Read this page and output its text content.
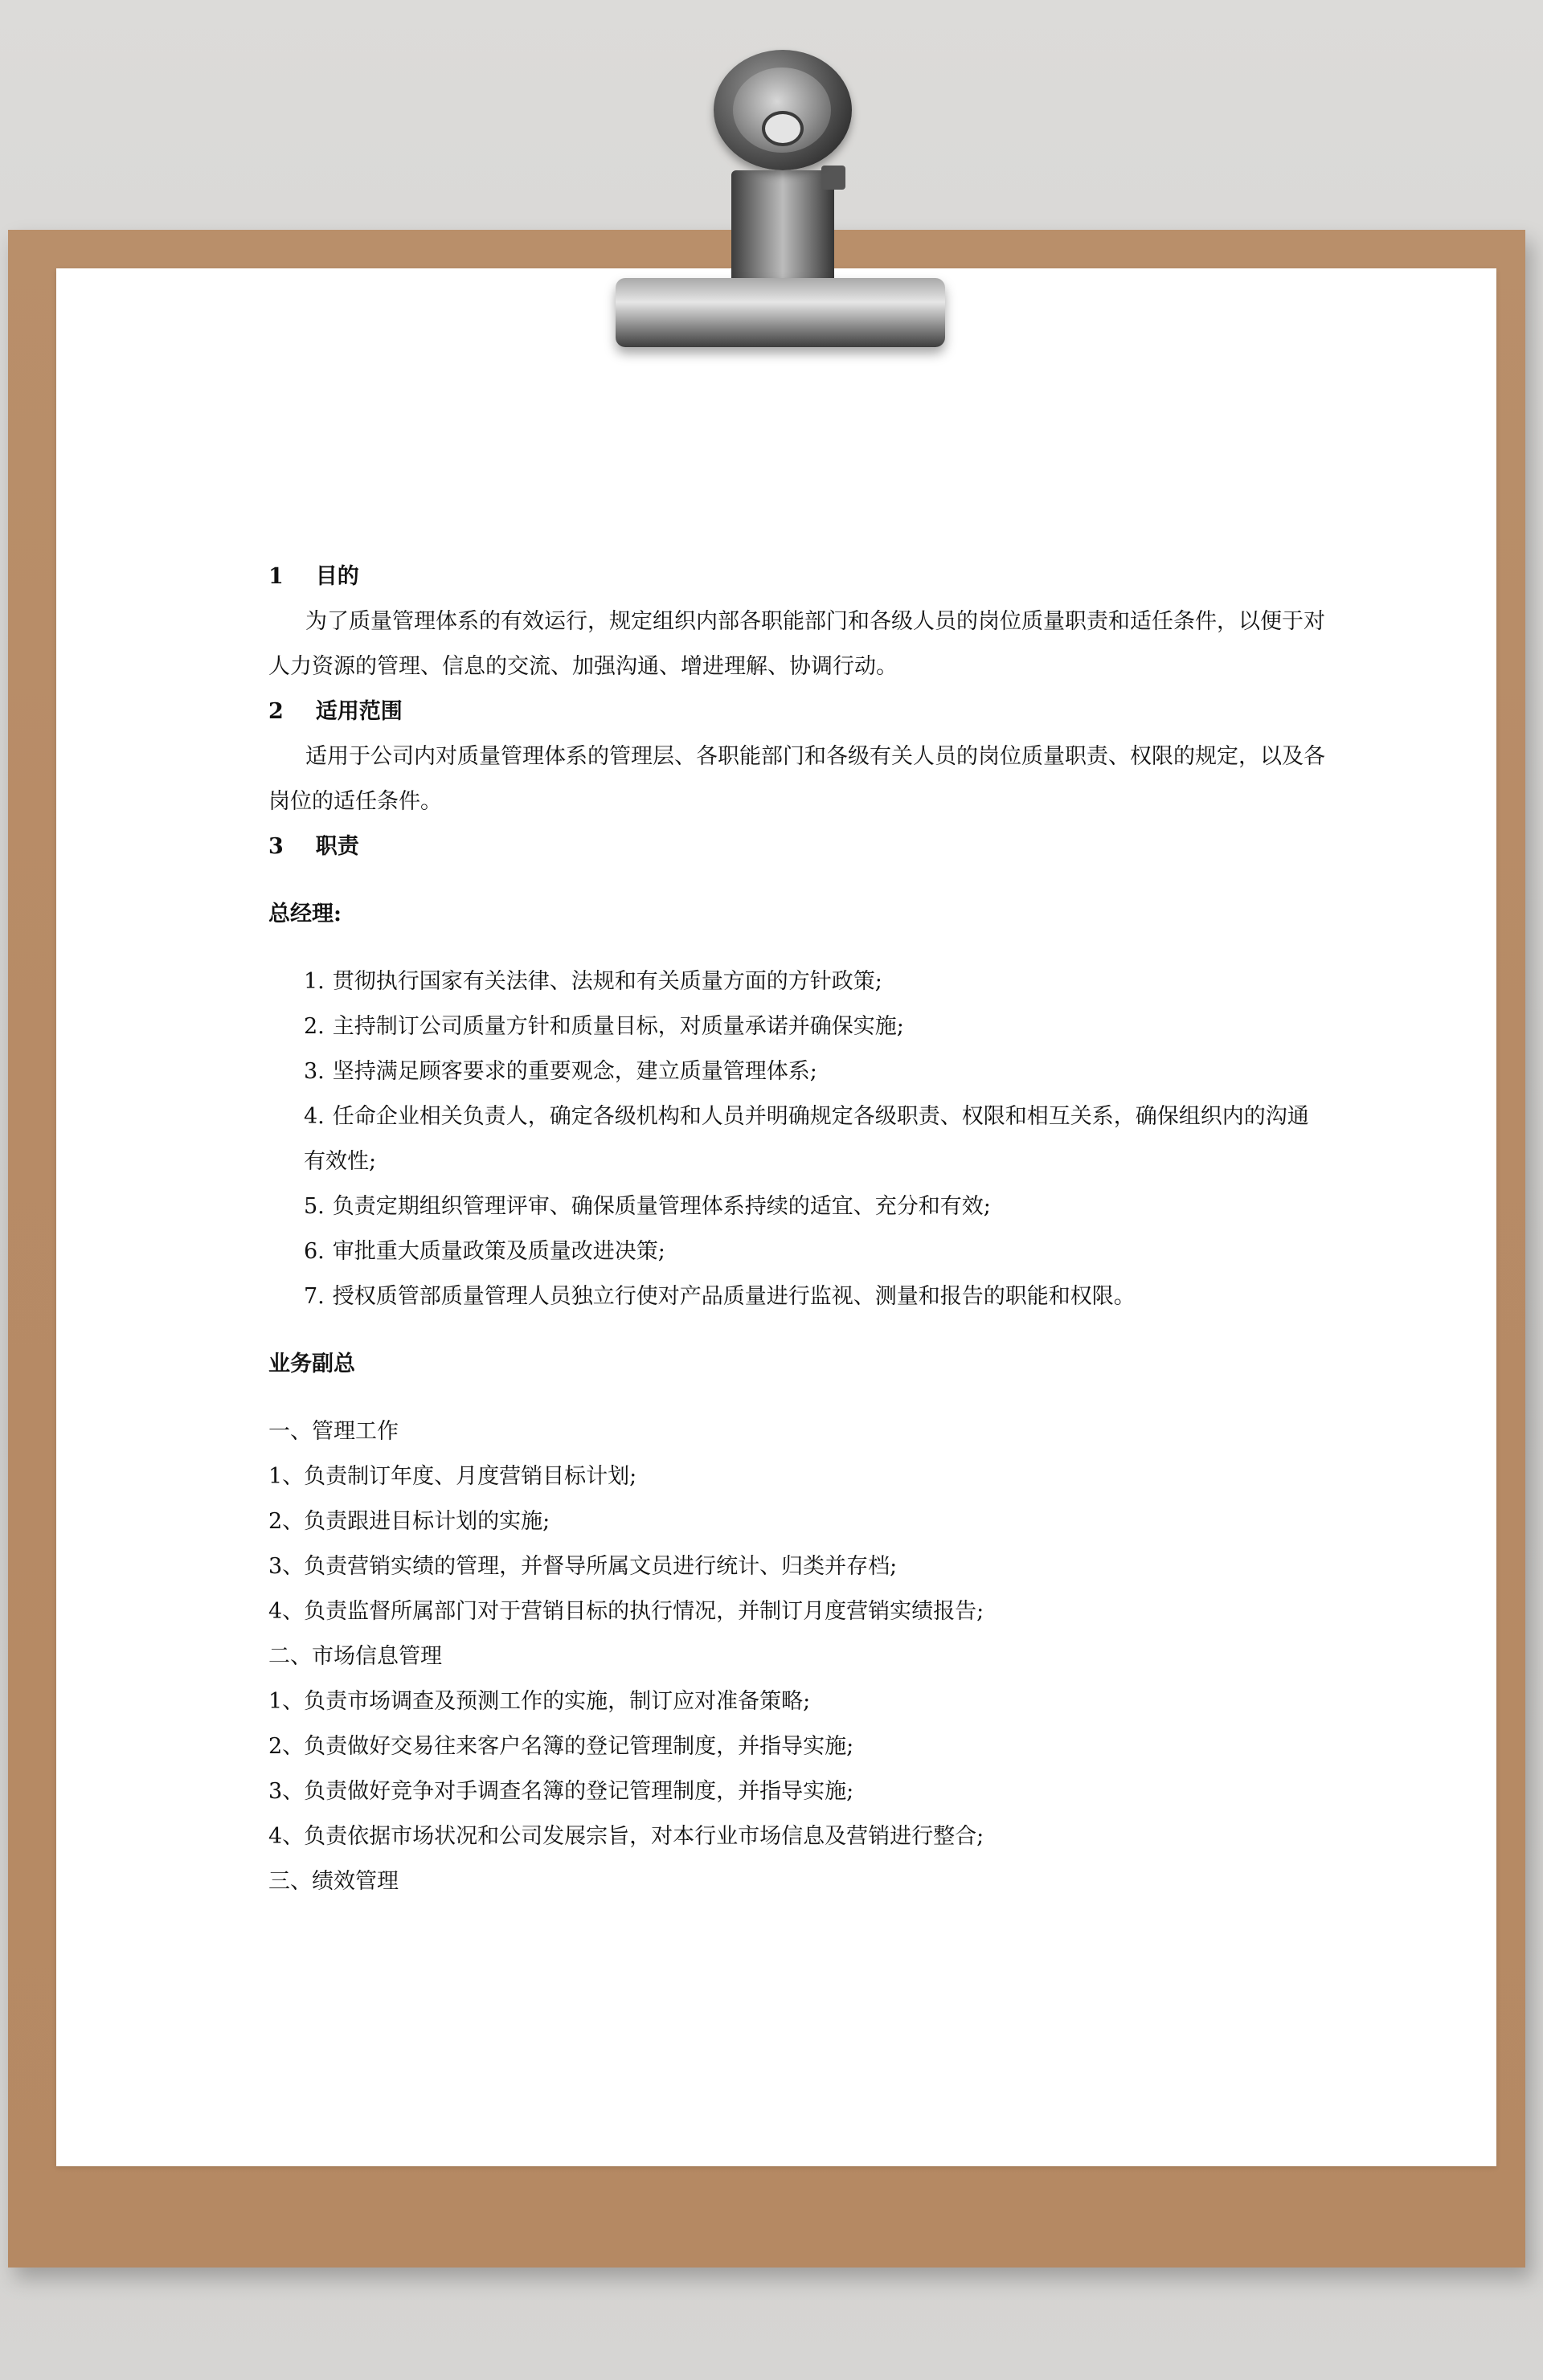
1 目的
为了质量管理体系的有效运行，规定组织内部各职能部门和各级人员的岗位质量职责和适任条件，以便于对人力资源的管理、信息的交流、加强沟通、增进理解、协调行动。
2 适用范围
适用于公司内对质量管理体系的管理层、各职能部门和各级有关人员的岗位质量职责、权限的规定，以及各岗位的适任条件。
3 职责
总经理:
1. 贯彻执行国家有关法律、法规和有关质量方面的方针政策;
2. 主持制订公司质量方针和质量目标，对质量承诺并确保实施;
3. 坚持满足顾客要求的重要观念，建立质量管理体系;
4. 任命企业相关负责人，确定各级机构和人员并明确规定各级职责、权限和相互关系，确保组织内的沟通有效性;
5. 负责定期组织管理评审、确保质量管理体系持续的适宜、充分和有效;
6. 审批重大质量政策及质量改进决策;
7. 授权质管部质量管理人员独立行使对产品质量进行监视、测量和报告的职能和权限。
业务副总
一、管理工作
1、负责制订年度、月度营销目标计划;
2、负责跟进目标计划的实施;
3、负责营销实绩的管理，并督导所属文员进行统计、归类并存档;
4、负责监督所属部门对于营销目标的执行情况，并制订月度营销实绩报告;
二、市场信息管理
1、负责市场调查及预测工作的实施，制订应对准备策略;
2、负责做好交易往来客户名簿的登记管理制度，并指导实施;
3、负责做好竞争对手调查名簿的登记管理制度，并指导实施;
4、负责依据市场状况和公司发展宗旨，对本行业市场信息及营销进行整合;
三、绩效管理
